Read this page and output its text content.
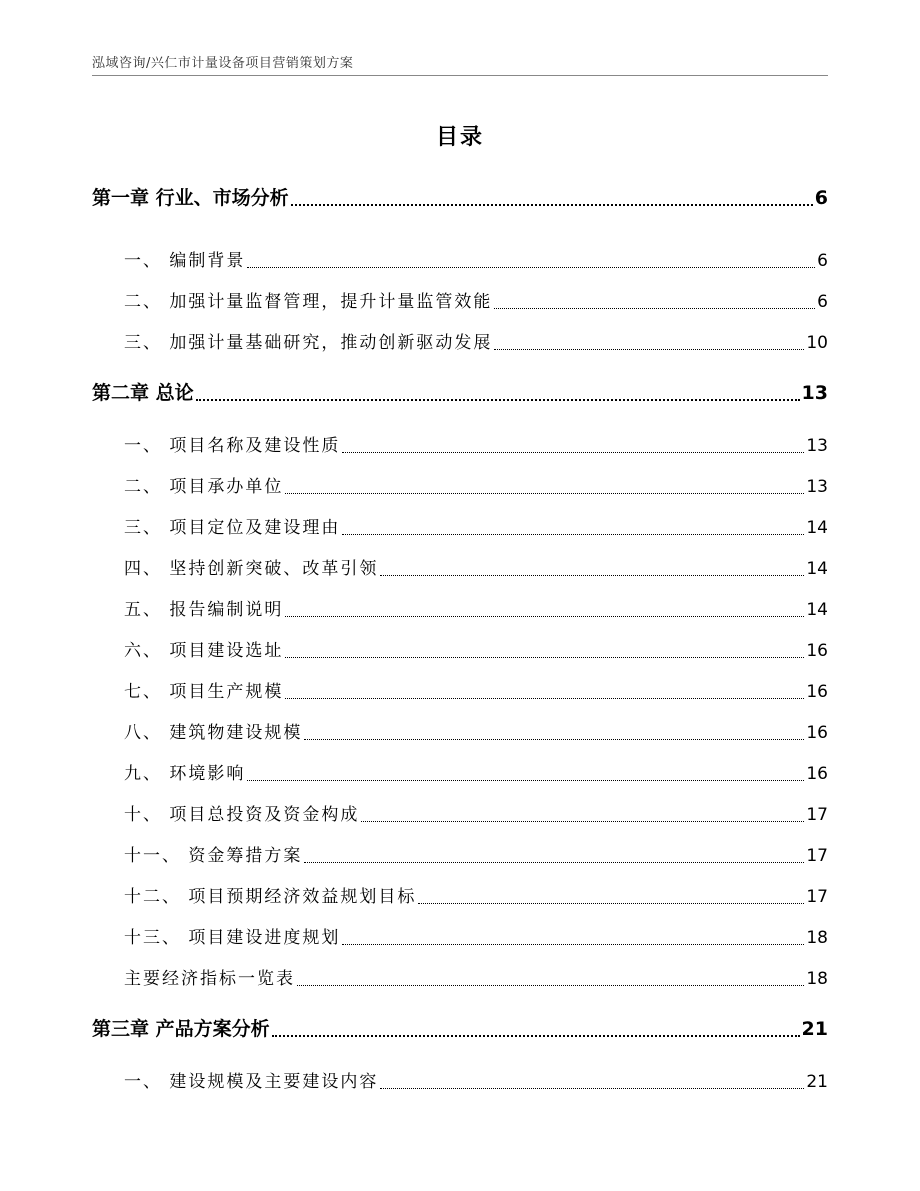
泓域咨询/兴仁市计量设备项目营销策划方案
目录
第一章 行业、市场分析	6
一、 编制背景	6
二、 加强计量监督管理，提升计量监管效能	6
三、 加强计量基础研究，推动创新驱动发展	10
第二章 总论	13
一、 项目名称及建设性质	13
二、 项目承办单位	13
三、 项目定位及建设理由	14
四、 坚持创新突破、改革引领	14
五、 报告编制说明	14
六、 项目建设选址	16
七、 项目生产规模	16
八、 建筑物建设规模	16
九、 环境影响	16
十、 项目总投资及资金构成	17
十一、 资金筹措方案	17
十二、 项目预期经济效益规划目标	17
十三、 项目建设进度规划	18
主要经济指标一览表	18
第三章 产品方案分析	21
一、 建设规模及主要建设内容	21
